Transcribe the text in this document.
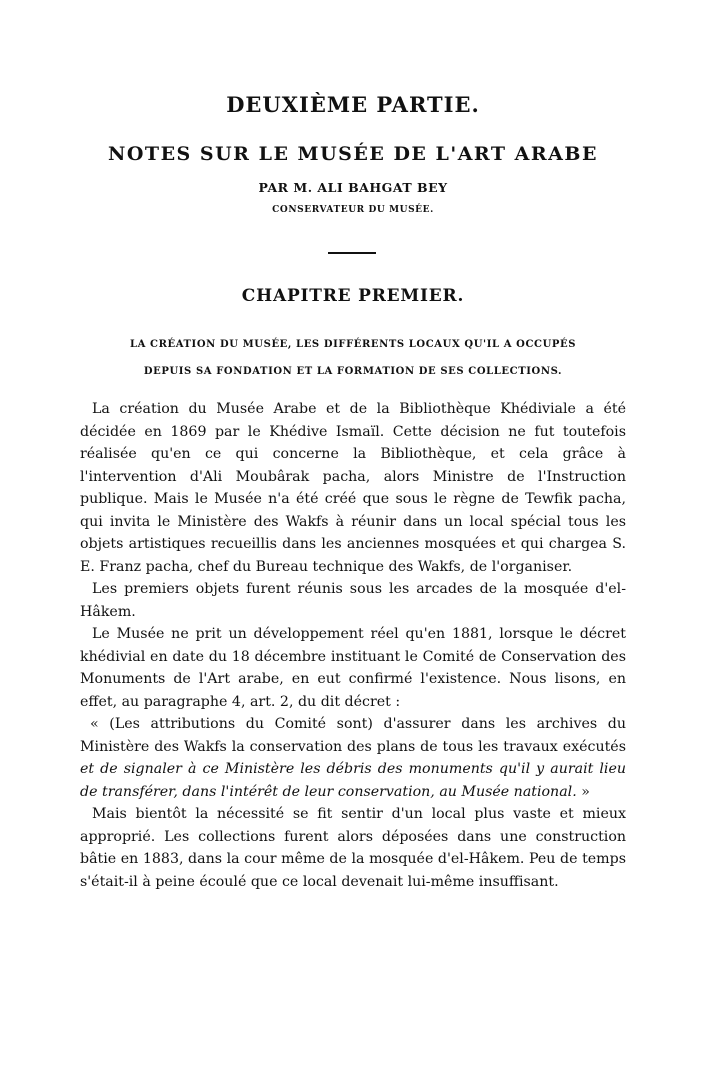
DEUXIÈME PARTIE.
NOTES SUR LE MUSÉE DE L'ART ARABE
PAR M. ALI BAHGAT BEY
CONSERVATEUR DU MUSÉE.
CHAPITRE PREMIER.
LA CRÉATION DU MUSÉE, LES DIFFÉRENTS LOCAUX QU'IL A OCCUPÉS
DEPUIS SA FONDATION ET LA FORMATION DE SES COLLECTIONS.

La création du Musée Arabe et de la Bibliothèque Khédiviale a été décidée en 1869 par le Khédive Ismaïl. Cette décision ne fut toutefois réalisée qu'en ce qui concerne la Bibliothèque, et cela grâce à l'intervention d'Ali Moubârak pacha, alors Ministre de l'Instruction publique. Mais le Musée n'a été créé que sous le règne de Tewfik pacha, qui invita le Ministère des Wakfs à réunir dans un local spécial tous les objets artistiques recueillis dans les anciennes mosquées et qui chargea S. E. Franz pacha, chef du Bureau technique des Wakfs, de l'organiser.

Les premiers objets furent réunis sous les arcades de la mosquée d'el-Hâkem.

Le Musée ne prit un développement réel qu'en 1881, lorsque le décret khédivial en date du 18 décembre instituant le Comité de Conservation des Monuments de l'Art arabe, en eut confirmé l'existence. Nous lisons, en effet, au paragraphe 4, art. 2, du dit décret :

« (Les attributions du Comité sont) d'assurer dans les archives du Ministère des Wakfs la conservation des plans de tous les travaux exécutés et de signaler à ce Ministère les débris des monuments qu'il y aurait lieu de transférer, dans l'intérêt de leur conservation, au Musée national. »

Mais bientôt la nécessité se fit sentir d'un local plus vaste et mieux approprié. Les collections furent alors déposées dans une construction bâtie en 1883, dans la cour même de la mosquée d'el-Hâkem. Peu de temps s'était-il à peine écoulé que ce local devenait lui-même insuffisant.
